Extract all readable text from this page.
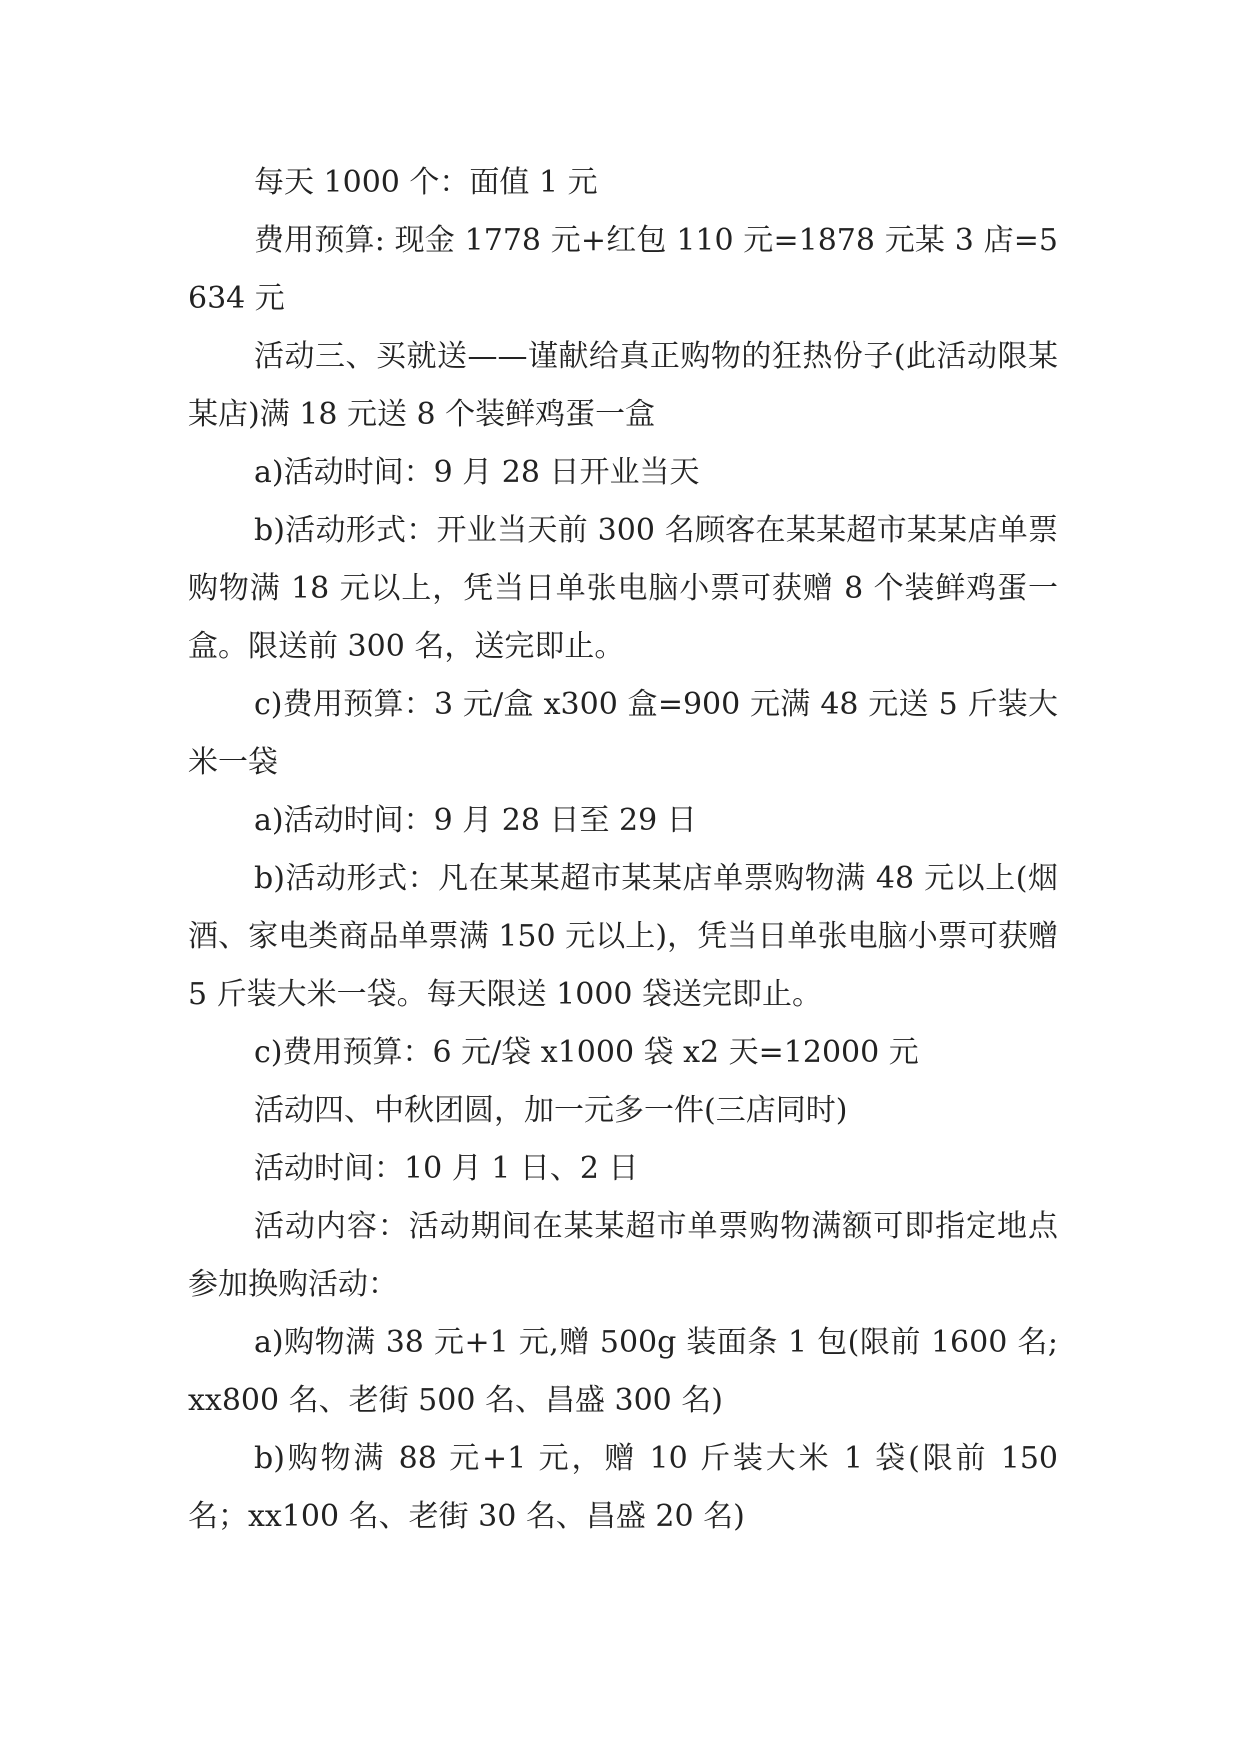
每天 1000 个：面值 1 元

费用预算: 现金 1778 元+红包 110 元=1878 元某 3 店=5634 元

活动三、买就送——谨献给真正购物的狂热份子(此活动限某某店)满 18 元送 8 个装鲜鸡蛋一盒

a)活动时间：9 月 28 日开业当天

b)活动形式：开业当天前 300 名顾客在某某超市某某店单票购物满 18 元以上，凭当日单张电脑小票可获赠 8 个装鲜鸡蛋一盒。限送前 300 名，送完即止。

c)费用预算：3 元/盒 x300 盒=900 元满 48 元送 5 斤装大米一袋

a)活动时间：9 月 28 日至 29 日

b)活动形式：凡在某某超市某某店单票购物满 48 元以上(烟酒、家电类商品单票满 150 元以上)，凭当日单张电脑小票可获赠 5 斤装大米一袋。每天限送 1000 袋送完即止。

c)费用预算：6 元/袋 x1000 袋 x2 天=12000 元

活动四、中秋团圆，加一元多一件(三店同时)

活动时间：10 月 1 日、2 日

活动内容：活动期间在某某超市单票购物满额可即指定地点参加换购活动：

a)购物满 38 元+1 元,赠 500g 装面条 1 包(限前 1600 名;xx800 名、老街 500 名、昌盛 300 名)

b)购物满 88 元+1 元，赠 10 斤装大米 1 袋(限前 150 名；xx100 名、老街 30 名、昌盛 20 名)
